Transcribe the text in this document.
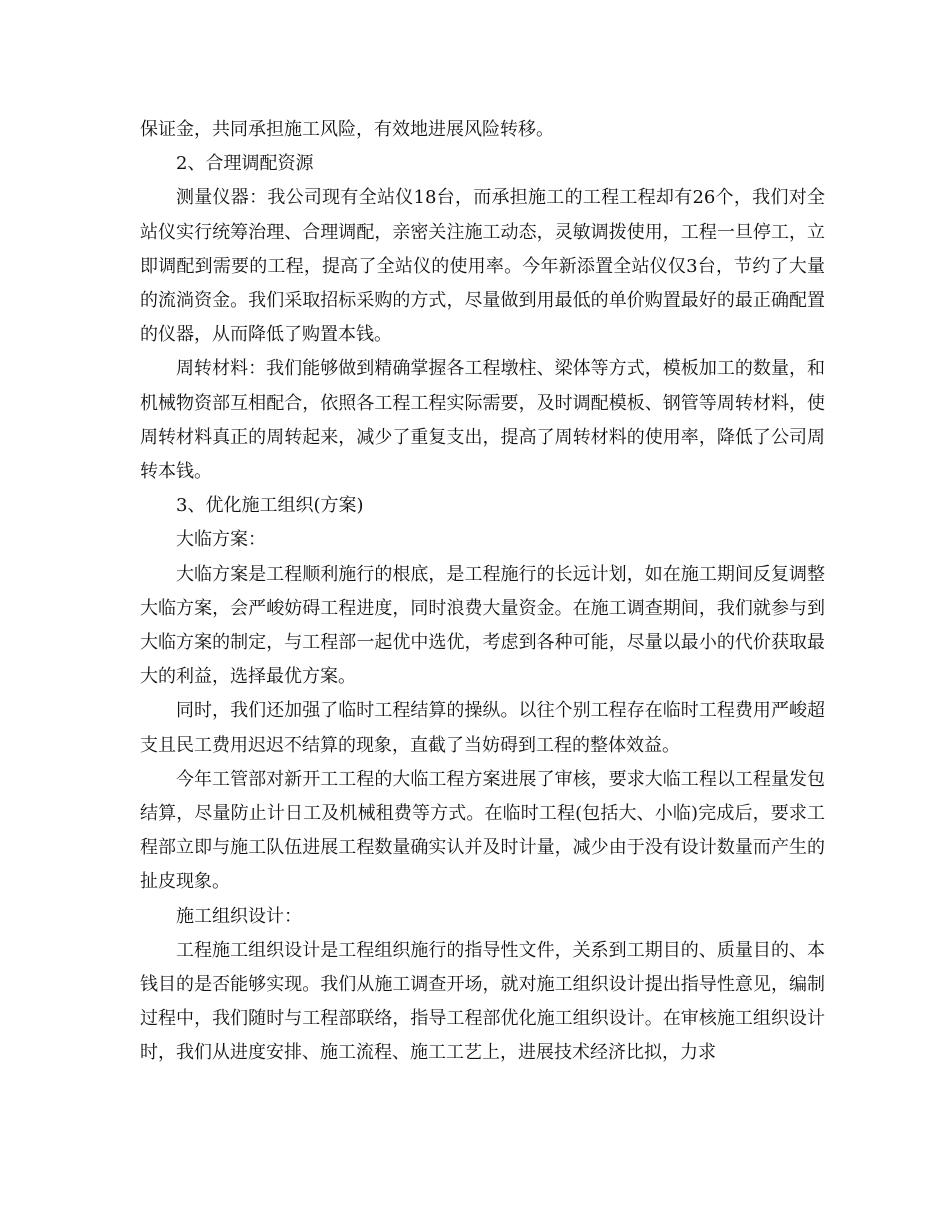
保证金，共同承担施工风险，有效地进展风险转移。

2、合理调配资源

测量仪器：我公司现有全站仪18台，而承担施工的工程工程却有26个，我们对全站仪实行统筹治理、合理调配，亲密关注施工动态，灵敏调拨使用，工程一旦停工，立即调配到需要的工程，提高了全站仪的使用率。今年新添置全站仪仅3台，节约了大量的流淌资金。我们采取招标采购的方式，尽量做到用最低的单价购置最好的最正确配置的仪器，从而降低了购置本钱。

周转材料：我们能够做到精确掌握各工程墩柱、梁体等方式，模板加工的数量，和机械物资部互相配合，依照各工程工程实际需要，及时调配模板、钢管等周转材料，使周转材料真正的周转起来，减少了重复支出，提高了周转材料的使用率，降低了公司周转本钱。

3、优化施工组织(方案)

大临方案：

大临方案是工程顺利施行的根底，是工程施行的长远计划，如在施工期间反复调整大临方案，会严峻妨碍工程进度，同时浪费大量资金。在施工调查期间，我们就参与到大临方案的制定，与工程部一起优中选优，考虑到各种可能，尽量以最小的代价获取最大的利益，选择最优方案。

同时，我们还加强了临时工程结算的操纵。以往个别工程存在临时工程费用严峻超支且民工费用迟迟不结算的现象，直截了当妨碍到工程的整体效益。

今年工管部对新开工工程的大临工程方案进展了审核，要求大临工程以工程量发包结算，尽量防止计日工及机械租费等方式。在临时工程(包括大、小临)完成后，要求工程部立即与施工队伍进展工程数量确实认并及时计量，减少由于没有设计数量而产生的扯皮现象。

施工组织设计：

工程施工组织设计是工程组织施行的指导性文件，关系到工期目的、质量目的、本钱目的是否能够实现。我们从施工调查开场，就对施工组织设计提出指导性意见，编制过程中，我们随时与工程部联络，指导工程部优化施工组织设计。在审核施工组织设计时，我们从进度安排、施工流程、施工工艺上，进展技术经济比拟，力求
